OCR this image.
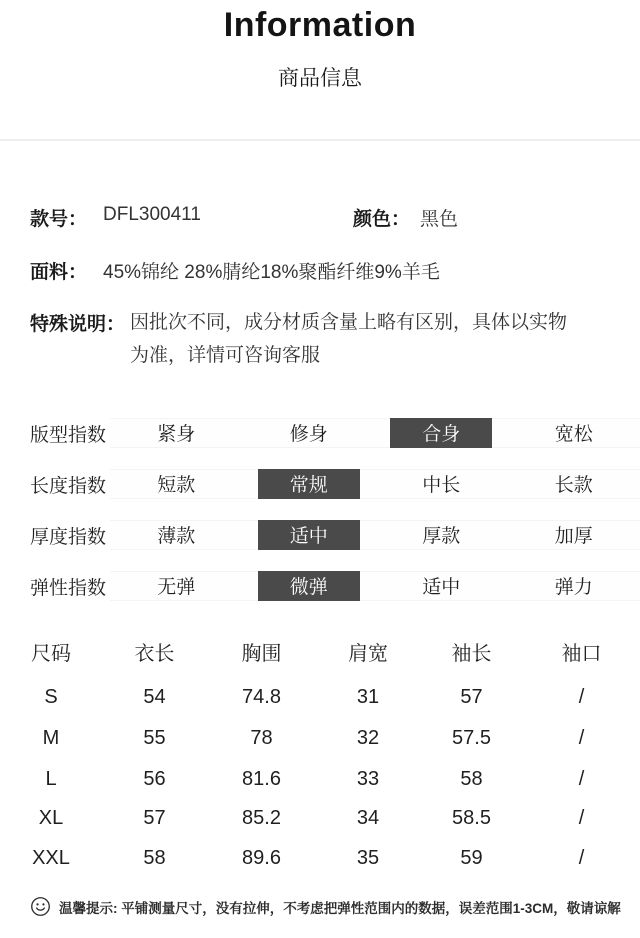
Information
商品信息
款号： DFL300411	颜色： 黑色
面料： 45%锦纶 28%腈纶18%聚酯纤维9%羊毛
特殊说明： 因批次不同，成分材质含量上略有区别，具体以实物
为准，详情可咨询客服
版型指数	紧身	修身	合身	宽松
长度指数	短款	常规	中长	长款
厚度指数	薄款	适中	厚款	加厚
弹性指数	无弹	微弹	适中	弹力
尺码	衣长	胸围	肩宽	袖长	袖口
S	54	74.8	31	57	/
M	55	78	32	57.5	/
L	56	81.6	33	58	/
XL	57	85.2	34	58.5	/
XXL	58	89.6	35	59	/
温馨提示: 平铺测量尺寸，没有拉伸，不考虑把弹性范围内的数据，误差范围1-3CM，敬请谅解
